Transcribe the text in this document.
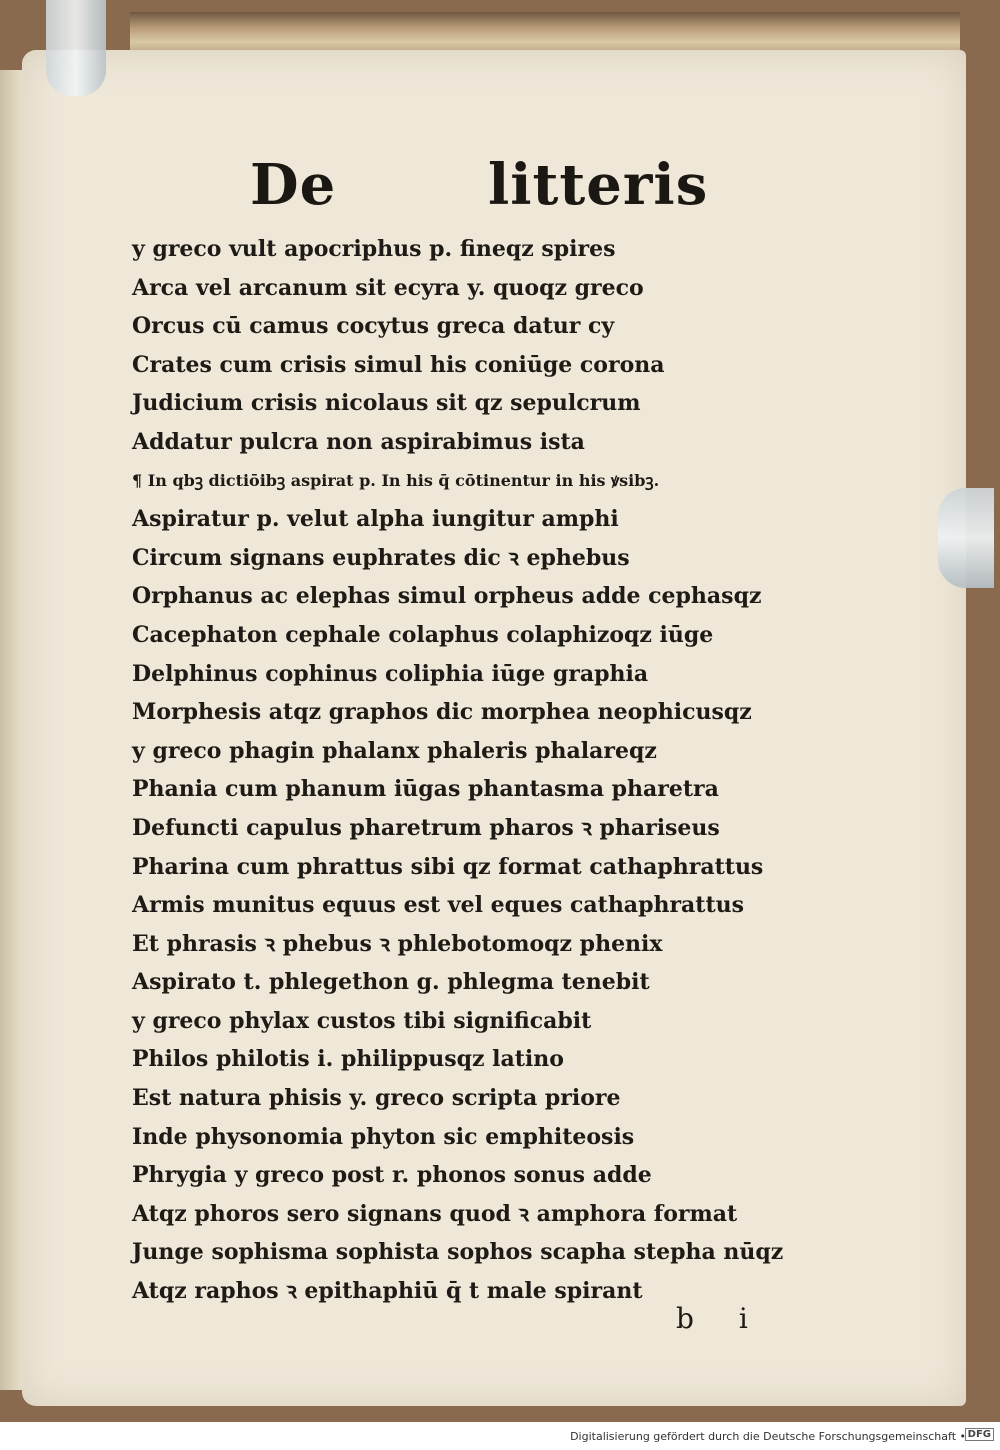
De	litteris
y greco vult apocriphus p. fineqz spires
Arca vel arcanum sit ecyra y. quoqz greco
Orcus cū camus cocytus greca datur cy
Crates cum crisis simul his coniūge corona
Judicium crisis nicolaus sit qz sepulcrum
Addatur pulcra non aspirabimus ista
¶ In qbꝫ dictiōibꝫ aspirat p. In his q̄ cōtinentur in his ꝟsibꝫ.
Aspiratur p. velut alpha iungitur amphi
Circum signans euphrates dic ꝛ ephebus
Orphanus ac elephas simul orpheus adde cephasqz
Cacephaton cephale colaphus colaphizoqz iūge
Delphinus cophinus coliphia iūge graphia
Morphesis atqz graphos dic morphea neophicusqz
y greco phagin phalanx phaleris phalareqz
Phania cum phanum iūgas phantasma pharetra
Defuncti capulus pharetrum pharos ꝛ phariseus
Pharina cum phrattus sibi qz format cathaphrattus
Armis munitus equus est vel eques cathaphrattus
Et phrasis ꝛ phebus ꝛ phlebotomoqz phenix
Aspirato t. phlegethon g. phlegma tenebit
y greco phylax custos tibi significabit
Philos philotis i. philippusqz latino
Est natura phisis y. greco scripta priore
Inde physonomia phyton sic emphiteosis
Phrygia y greco post r. phonos sonus adde
Atqz phoros sero signans quod ꝛ amphora format
Junge sophisma sophista sophos scapha stepha nūqz
Atqz raphos ꝛ epithaphiū q̄ t male spirant
b i
Digitalisierung gefördert durch die Deutsche Forschungsgemeinschaft • DFG
